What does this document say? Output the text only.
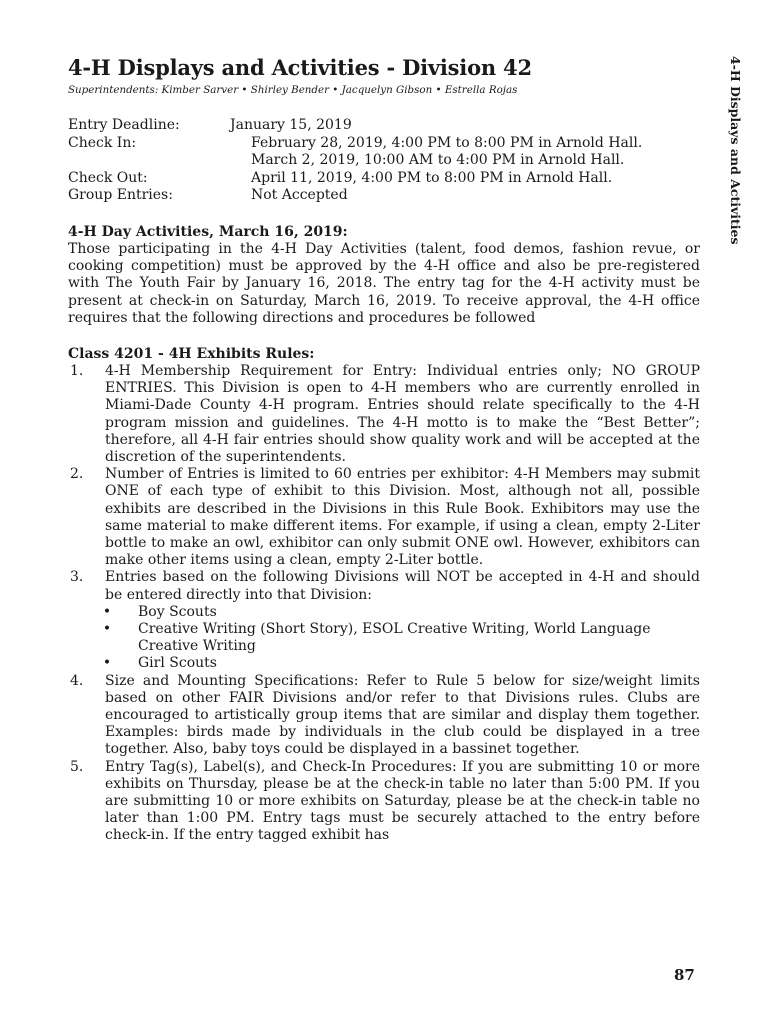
4-H Displays and Activities
4-H Displays and Activities - Division 42
Superintendents: Kimber Sarver • Shirley Bender • Jacquelyn Gibson • Estrella Rojas
Entry Deadline:	January 15, 2019
Check In:	February 28, 2019, 4:00 PM to 8:00 PM in Arnold Hall.
March 2, 2019, 10:00 AM to 4:00 PM in Arnold Hall.
Check Out:	April 11, 2019, 4:00 PM to 8:00 PM in Arnold Hall.
Group Entries:	Not Accepted
4-H Day Activities, March 16, 2019:
Those participating in the 4-H Day Activities (talent, food demos, fashion revue, or cooking competition) must be approved by the 4-H office and also be pre-registered with The Youth Fair by January 16, 2018. The entry tag for the 4-H activity must be present at check-in on Saturday, March 16, 2019. To receive approval, the 4-H office requires that the following directions and procedures be followed
Class 4201 - 4H Exhibits Rules:
1.	4-H Membership Requirement for Entry: Individual entries only; NO GROUP ENTRIES. This Division is open to 4-H members who are currently enrolled in Miami-Dade County 4-H program. Entries should relate specifically to the 4-H program mission and guidelines. The 4-H motto is to make the “Best Better”; therefore, all 4-H fair entries should show quality work and will be accepted at the discretion of the superintendents.
2.	Number of Entries is limited to 60 entries per exhibitor: 4-H Members may submit ONE of each type of exhibit to this Division. Most, although not all, possible exhibits are described in the Divisions in this Rule Book. Exhibitors may use the same material to make different items. For example, if using a clean, empty 2-Liter bottle to make an owl, exhibitor can only submit ONE owl. However, exhibitors can make other items using a clean, empty 2-Liter bottle.
3.	Entries based on the following Divisions will NOT be accepted in 4-H and should be entered directly into that Division:
•	Boy Scouts
•	Creative Writing (Short Story), ESOL Creative Writing, World Language Creative Writing
•	Girl Scouts
4.	Size and Mounting Specifications: Refer to Rule 5 below for size/weight limits based on other FAIR Divisions and/or refer to that Divisions rules. Clubs are encouraged to artistically group items that are similar and display them together. Examples: birds made by individuals in the club could be displayed in a tree together. Also, baby toys could be displayed in a bassinet together.
5.	Entry Tag(s), Label(s), and Check-In Procedures: If you are submitting 10 or more exhibits on Thursday, please be at the check-in table no later than 5:00 PM. If you are submitting 10 or more exhibits on Saturday, please be at the check-in table no later than 1:00 PM. Entry tags must be securely attached to the entry before check-in. If the entry tagged exhibit has
87
